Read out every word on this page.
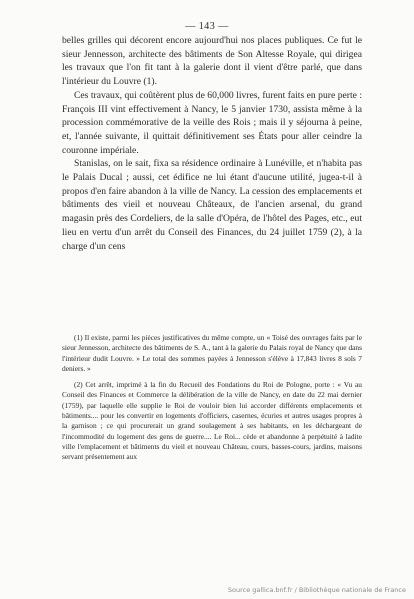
— 143 —

belles grilles qui décorent encore aujourd'hui nos places publiques. Ce fut le sieur Jennesson, architecte des bâtiments de Son Altesse Royale, qui dirigea les travaux que l'on fit tant à la galerie dont il vient d'être parlé, que dans l'intérieur du Louvre (1).

Ces travaux, qui coûtèrent plus de 60,000 livres, furent faits en pure perte : François III vint effectivement à Nancy, le 5 janvier 1730, assista même à la procession commémorative de la veille des Rois ; mais il y séjourna à peine, et, l'année suivante, il quittait définitivement ses États pour aller ceindre la couronne impériale.

Stanislas, on le sait, fixa sa résidence ordinaire à Lunéville, et n'habita pas le Palais Ducal ; aussi, cet édifice ne lui étant d'aucune utilité, jugea-t-il à propos d'en faire abandon à la ville de Nancy. La cession des emplacements et bâtiments des vieil et nouveau Châteaux, de l'ancien arsenal, du grand magasin près des Cordeliers, de la salle d'Opéra, de l'hôtel des Pages, etc., eut lieu en vertu d'un arrêt du Conseil des Finances, du 24 juillet 1759 (2), à la charge d'un cens

(1) Il existe, parmi les pièces justificatives du même compte, un « Toisé des ouvrages faits par le sieur Jennesson, architecte des bâtiments de S. A., tant à la galerie du Palais royal de Nancy que dans l'intérieur dudit Louvre. » Le total des sommes payées à Jennesson s'élève à 17,843 livres 8 sols 7 deniers. »

(2) Cet arrêt, imprimé à la fin du Recueil des Fondations du Roi de Pologne, porte : « Vu au Conseil des Finances et Commerce la délibération de la ville de Nancy, en date du 22 mai dernier (1759), par laquelle elle supplie le Roi de vouloir bien lui accorder différents emplacements et bâtiments.... pour les convertir en logements d'officiers, casernes, écuries et autres usages propres à la garnison ; ce qui procurerait un grand soulagement à ses habitants, en les déchargeant de l'incommodité du logement des gens de guerre.... Le Roi... cède et abandonne à perpétuité à ladite ville l'emplacement et bâtiments du vieil et nouveau Château, cours, basses-cours, jardins, maisons servant présentement aux

Source gallica.bnf.fr / Bibliothèque nationale de France
